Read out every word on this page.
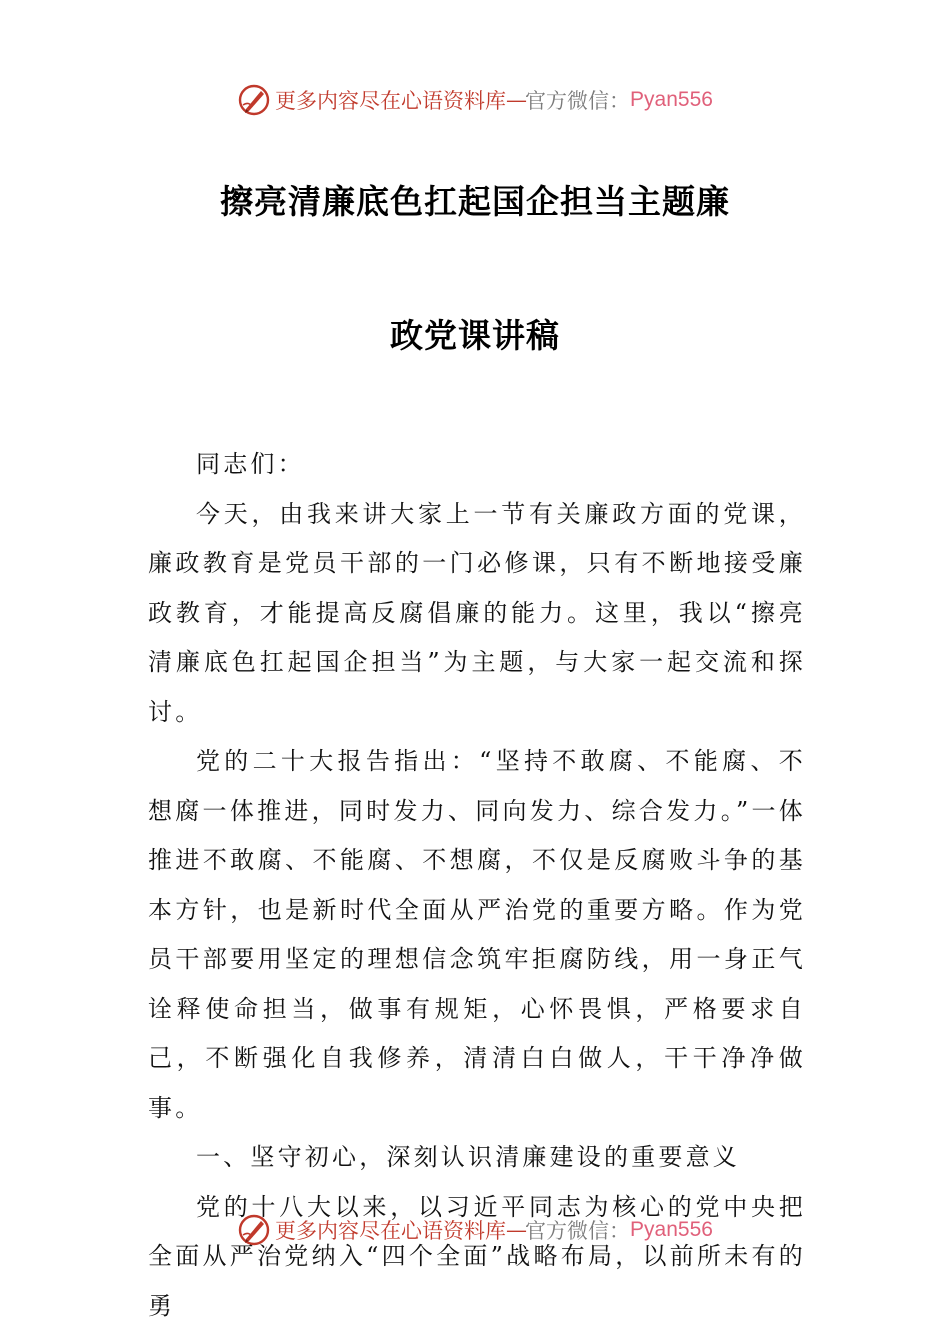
更多内容尽在心语资料库 — 官方微信： Pyan556
擦亮清廉底色扛起国企担当主题廉
政党课讲稿

同志们：

今天，由我来讲大家上一节有关廉政方面的党课，廉政教育是党员干部的一门必修课，只有不断地接受廉政教育，才能提高反腐倡廉的能力。这里，我以“擦亮清廉底色扛起国企担当”为主题，与大家一起交流和探讨。

党的二十大报告指出：“坚持不敢腐、不能腐、不想腐一体推进，同时发力、同向发力、综合发力。”一体推进不敢腐、不能腐、不想腐，不仅是反腐败斗争的基本方针，也是新时代全面从严治党的重要方略。作为党员干部要用坚定的理想信念筑牢拒腐防线，用一身正气诠释使命担当，做事有规矩，心怀畏惧，严格要求自己，不断强化自我修养，清清白白做人，干干净净做事。

一、坚守初心，深刻认识清廉建设的重要意义

党的十八大以来，以习近平同志为核心的党中央把全面从严治党纳入“四个全面”战略布局，以前所未有的勇

更多内容尽在心语资料库 — 官方微信： Pyan556
